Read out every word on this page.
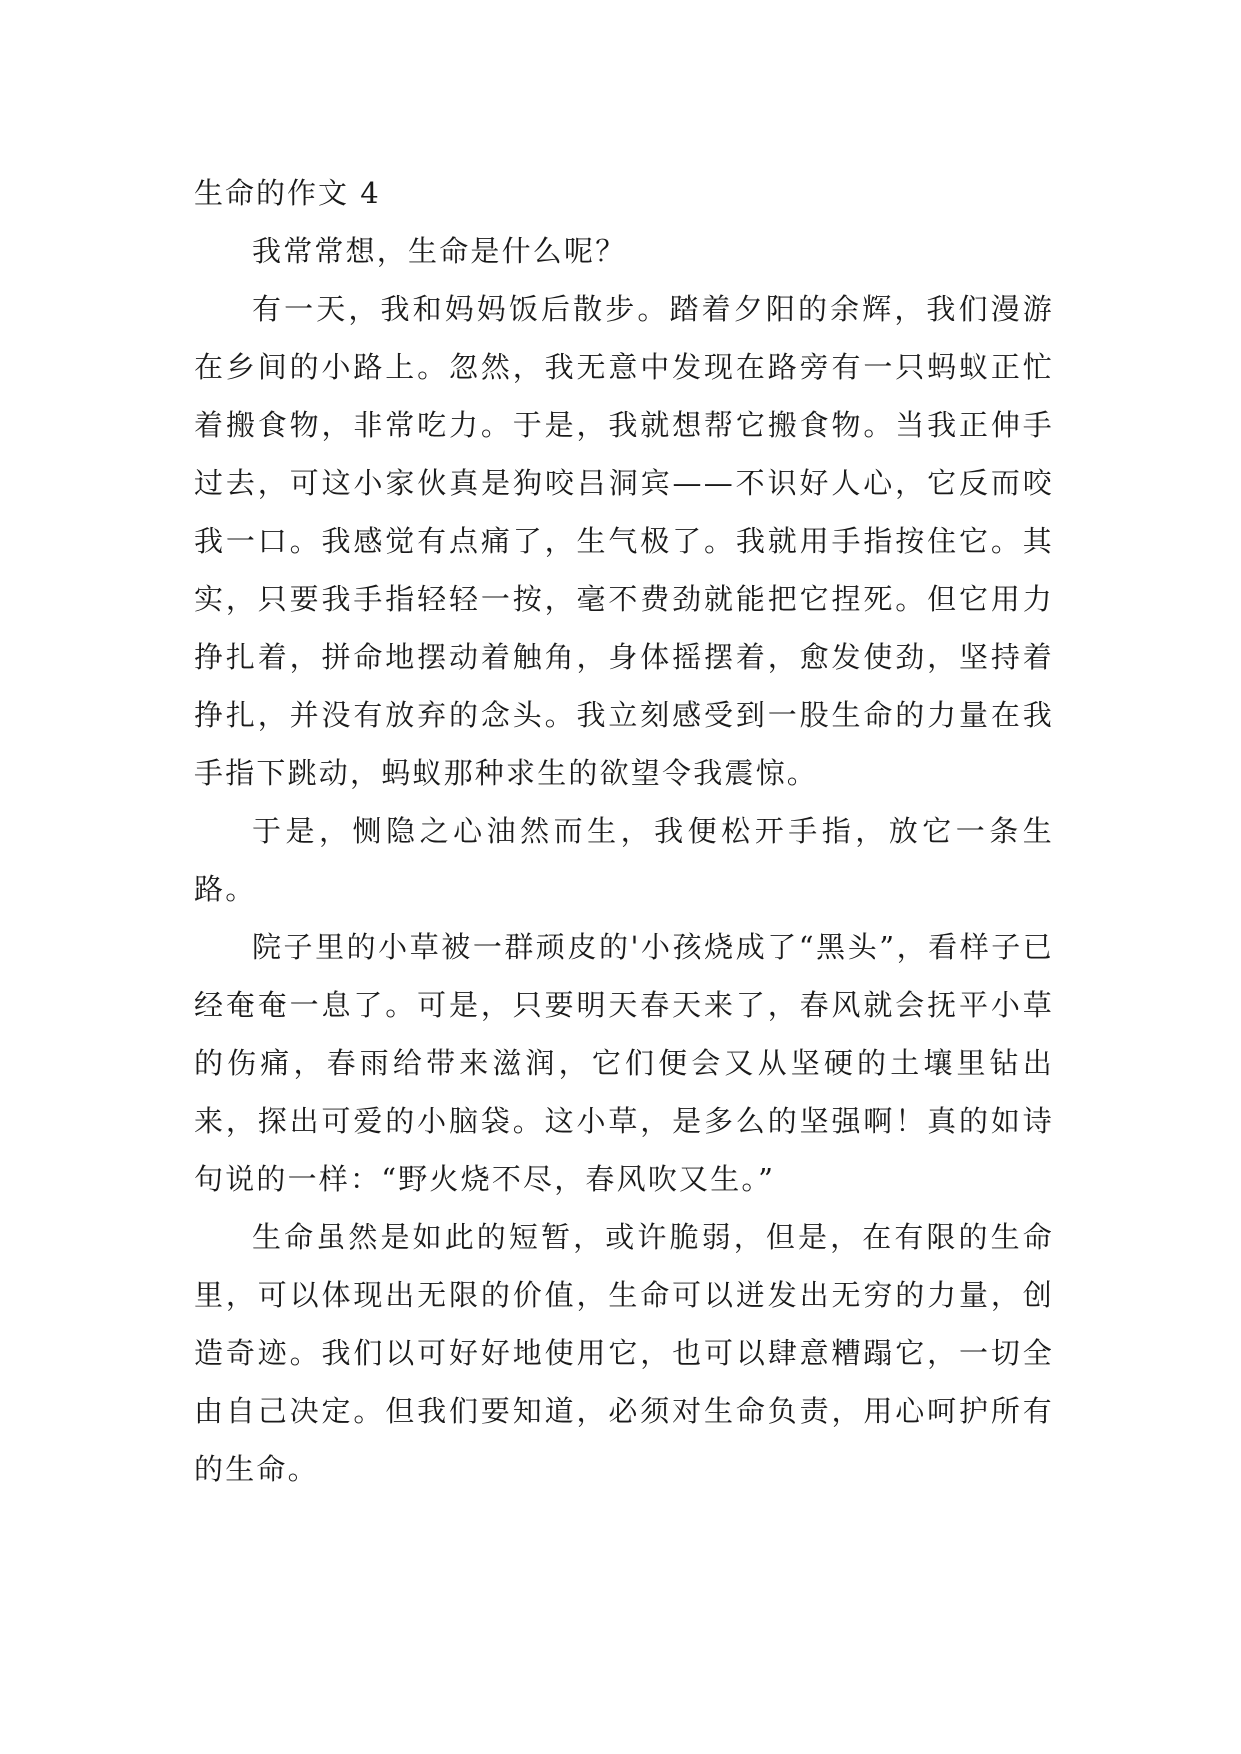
生命的作文 4

我常常想，生命是什么呢？

有一天，我和妈妈饭后散步。踏着夕阳的余辉，我们漫游在乡间的小路上。忽然，我无意中发现在路旁有一只蚂蚁正忙着搬食物，非常吃力。于是，我就想帮它搬食物。当我正伸手过去，可这小家伙真是狗咬吕洞宾——不识好人心，它反而咬我一口。我感觉有点痛了，生气极了。我就用手指按住它。其实，只要我手指轻轻一按，毫不费劲就能把它捏死。但它用力挣扎着，拼命地摆动着触角，身体摇摆着，愈发使劲，坚持着挣扎，并没有放弃的念头。我立刻感受到一股生命的力量在我手指下跳动，蚂蚁那种求生的欲望令我震惊。

于是，恻隐之心油然而生，我便松开手指，放它一条生路。

院子里的小草被一群顽皮的'小孩烧成了“黑头”，看样子已经奄奄一息了。可是，只要明天春天来了，春风就会抚平小草的伤痛，春雨给带来滋润，它们便会又从坚硬的土壤里钻出来，探出可爱的小脑袋。这小草，是多么的坚强啊！真的如诗句说的一样：“野火烧不尽，春风吹又生。”

生命虽然是如此的短暂，或许脆弱，但是，在有限的生命里，可以体现出无限的价值，生命可以迸发出无穷的力量，创造奇迹。我们以可好好地使用它，也可以肆意糟蹋它，一切全由自己决定。但我们要知道，必须对生命负责，用心呵护所有的生命。
